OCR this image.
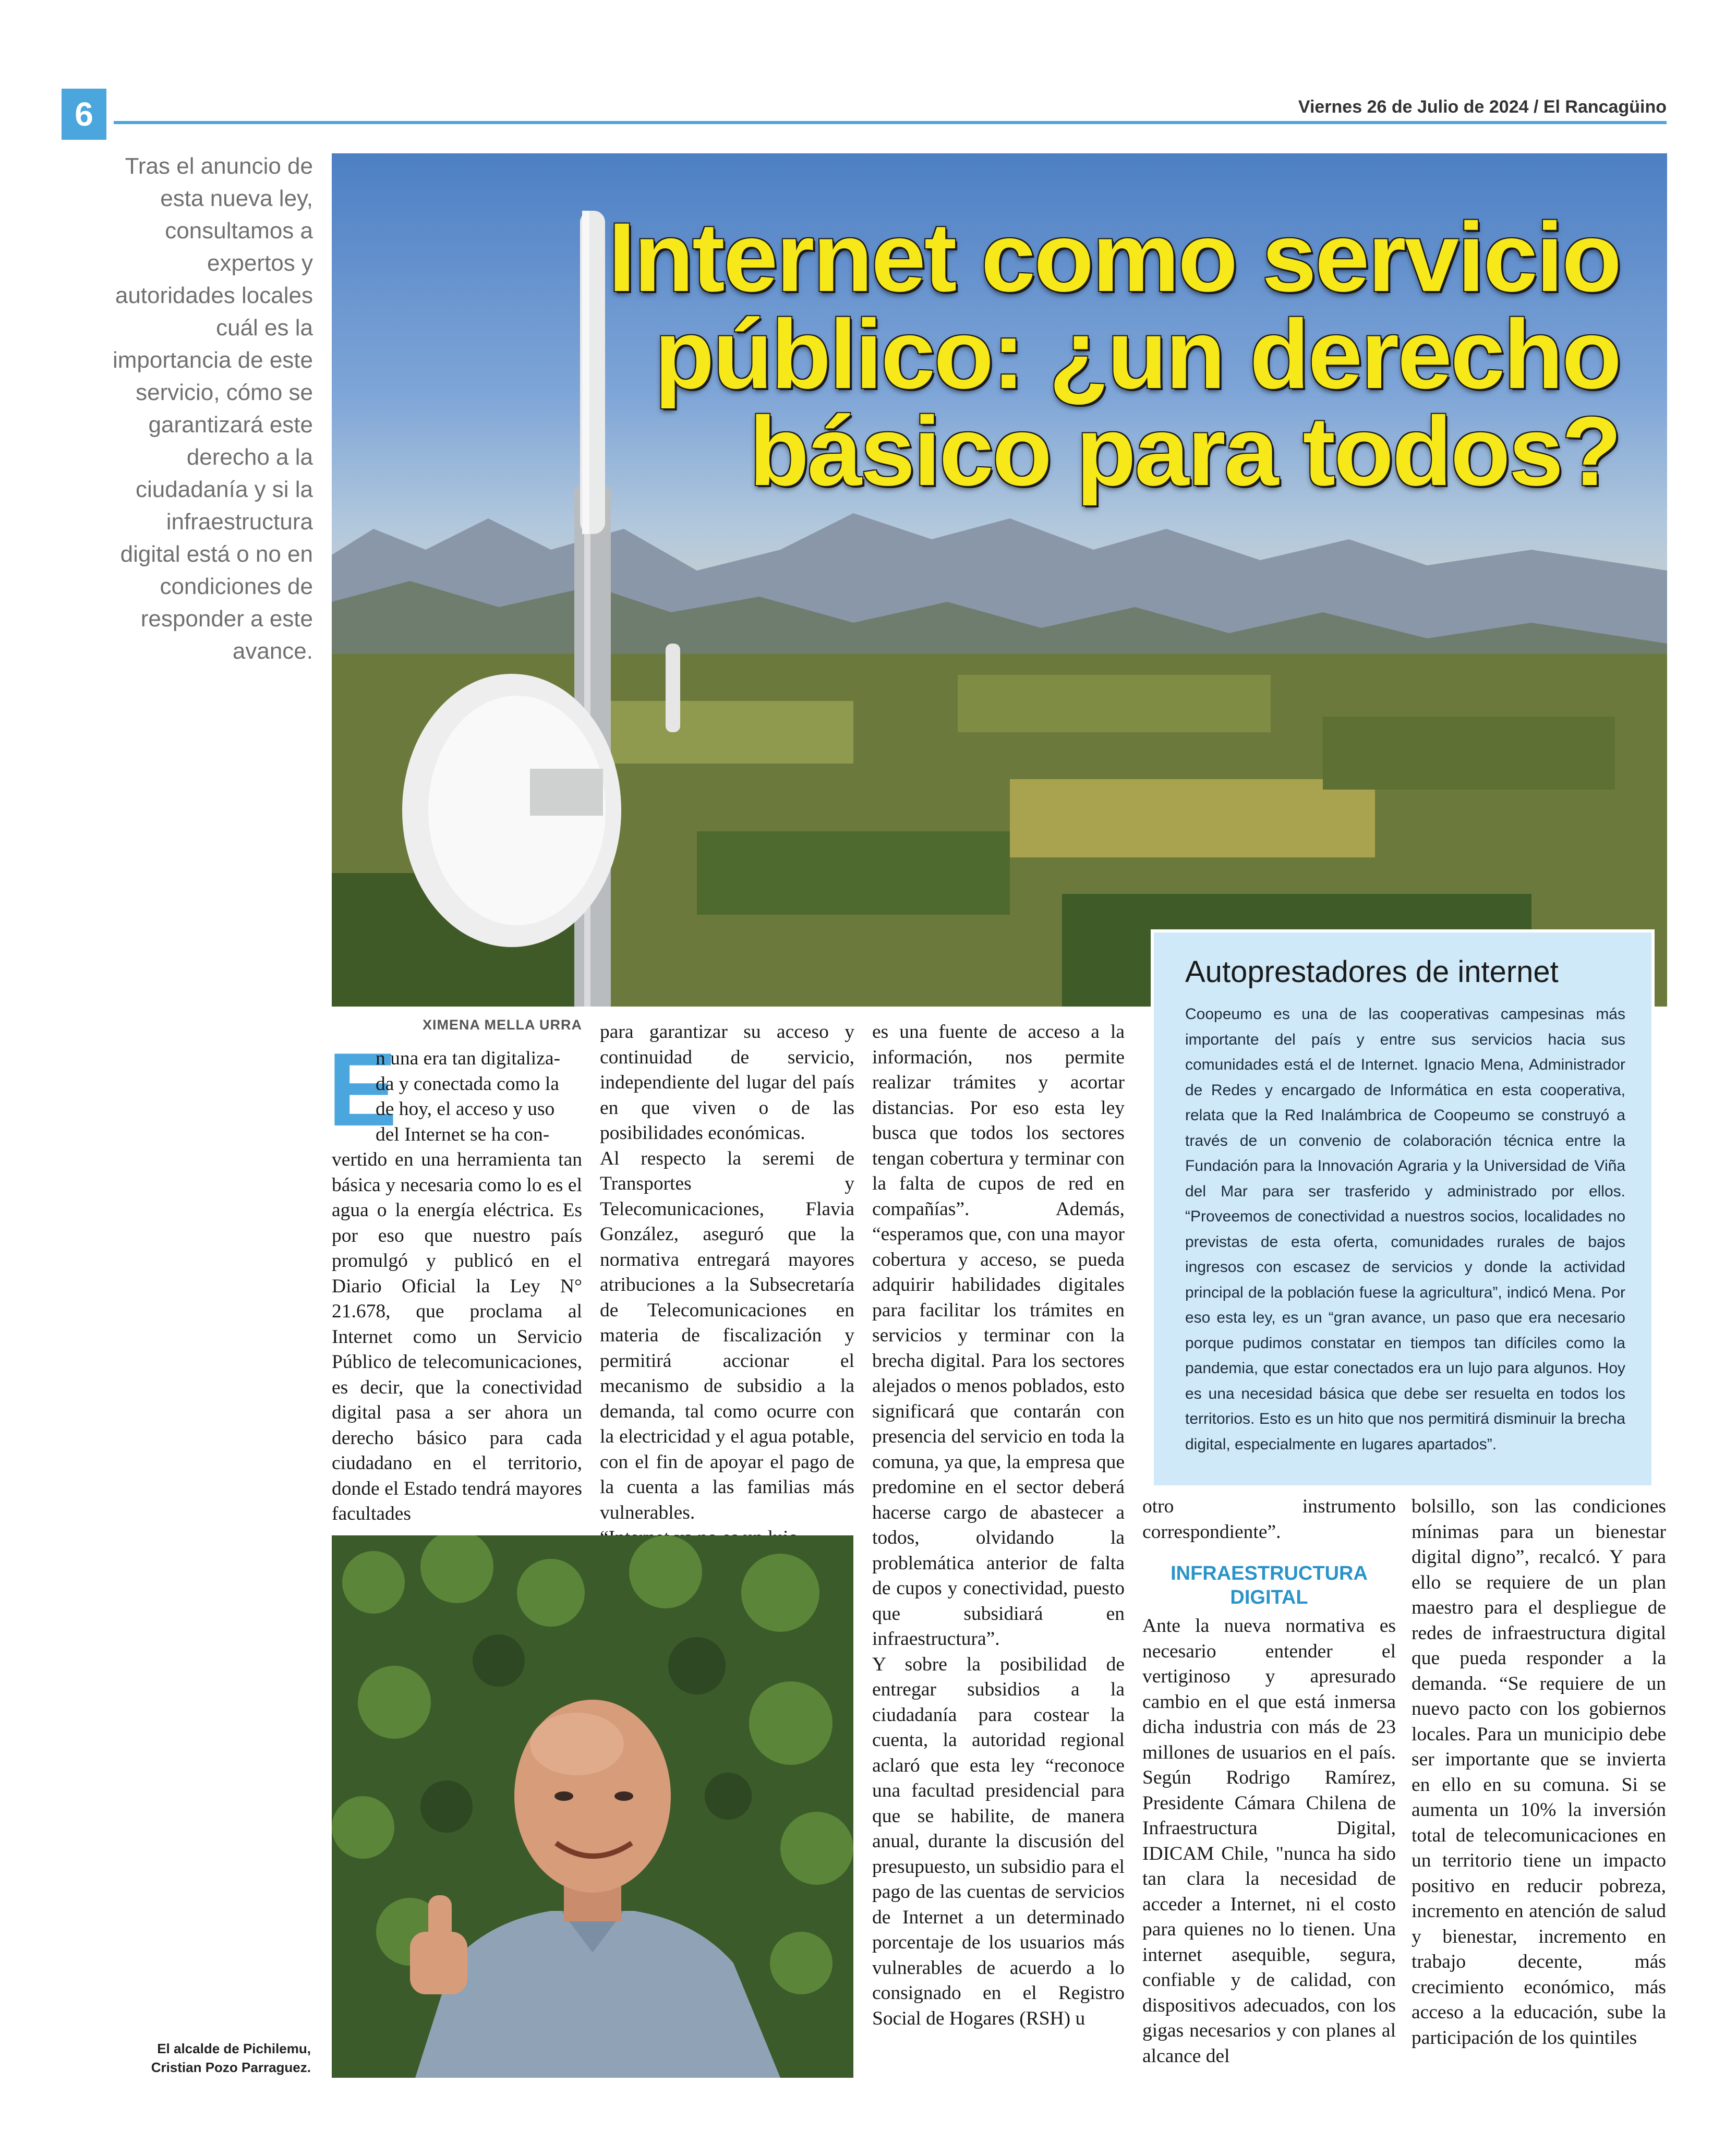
6	Viernes 26 de Julio de 2024 / El Rancagüino
Tras el anuncio de esta nueva ley, consultamos a expertos y autoridades locales cuál es la importancia de este servicio, cómo se garantizará este derecho a la ciudadanía y si la infraestructura digital está o no en condiciones de responder a este avance.
Internet como servicio
público: ¿un derecho
básico para todos?
Autoprestadores de internet
Coopeumo es una de las cooperativas campesinas más importante del país y entre sus servicios hacia sus comunidades está el de Internet. Ignacio Mena, Administrador de Redes y encargado de Informática en esta cooperativa, relata que la Red Inalámbrica de Coopeumo se construyó a través de un convenio de colaboración técnica entre la Fundación para la Innovación Agraria y la Universidad de Viña del Mar para ser trasferido y administrado por ellos. “Proveemos de conectividad a nuestros socios, localidades no previstas de esta oferta, comunidades rurales de bajos ingresos con escasez de servicios y donde la actividad principal de la población fuese la agricultura”, indicó Mena. Por eso esta ley, es un “gran avance, un paso que era necesario porque pudimos constatar en tiempos tan difíciles como la pandemia, que estar conectados era un lujo para algunos. Hoy es una necesidad básica que debe ser resuelta en todos los territorios. Esto es un hito que nos permitirá disminuir la brecha digital, especialmente en lugares apartados”.
XIMENA MELLA URRA
E
n una era tan digitaliza-
da y conectada como la
de hoy, el acceso y uso
del Internet se ha con-

vertido en una herramienta tan básica y necesaria como lo es el agua o la energía eléctrica. Es por eso que nuestro país promulgó y publicó en el Diario Oficial la Ley N° 21.678, que proclama al Internet como un Servicio Público de telecomunicaciones, es decir, que la conectividad digital pasa a ser ahora un derecho básico para cada ciudadano en el territorio, donde el Estado tendrá mayores facultades

para garantizar su acceso y continuidad de servicio, independiente del lugar del país en que viven o de las posibilidades económicas.

Al respecto la seremi de Transportes y Telecomunicaciones, Flavia González, aseguró que la normativa entregará mayores atribuciones a la Subsecretaría de Telecomunicaciones en materia de fiscalización y permitirá accionar el mecanismo de subsidio a la demanda, tal como ocurre con la electricidad y el agua potable, con el fin de apoyar el pago de la cuenta a las familias más vulnerables.

es una fuente de acceso a la información, nos permite realizar trámites y acortar distancias. Por eso esta ley busca que todos los sectores tengan cobertura y terminar con la falta de cupos de red en compañías”. Además, “esperamos que, con una mayor cobertura y acceso, se pueda adquirir habilidades digitales para facilitar los trámites en servicios y terminar con la brecha digital. Para los sectores alejados o menos poblados, esto significará que contarán con presencia del servicio en toda la comuna, ya que, la empresa que predomine en el sector deberá hacerse cargo de abastecer a todos, olvidando la problemática anterior de falta de cupos y conectividad, puesto que subsidiará en infraestructura”.

Y sobre la posibilidad de entregar subsidios a la ciudadanía para costear la cuenta, la autoridad regional aclaró que esta ley “reconoce una facultad presidencial para que se habilite, de manera anual, durante la discusión del presupuesto, un subsidio para el pago de las cuentas de servicios de Internet a un determinado porcentaje de los usuarios más vulnerables de acuerdo a lo consignado en el Registro Social de Hogares (RSH) u

otro instrumento correspondiente”.

INFRAESTRUCTURA
DIGITAL

Ante la nueva normativa es necesario entender el vertiginoso y apresurado cambio en el que está inmersa dicha industria con más de 23 millones de usuarios en el país. Según Rodrigo Ramírez, Presidente Cámara Chilena de Infraestructura Digital, IDICAM Chile, "nunca ha sido tan clara la necesidad de acceder a Internet, ni el costo para quienes no lo tienen. Una internet asequible, segura, confiable y de calidad, con dispositivos adecuados, con los gigas necesarios y con planes al alcance del

bolsillo, son las condiciones mínimas para un bienestar digital digno”, recalcó. Y para ello se requiere de un plan maestro para el despliegue de redes de infraestructura digital que pueda responder a la demanda. “Se requiere de un nuevo pacto con los gobiernos locales. Para un municipio debe ser importante que se invierta en ello en su comuna. Si se aumenta un 10% la inversión total de telecomunicaciones en un territorio tiene un impacto positivo en reducir pobreza, incremento en atención de salud y bienestar, incremento en trabajo decente, más crecimiento económico, más acceso a la educación, sube la participación de los quintiles

El alcalde de Pichilemu,
Cristian Pozo Parraguez.
